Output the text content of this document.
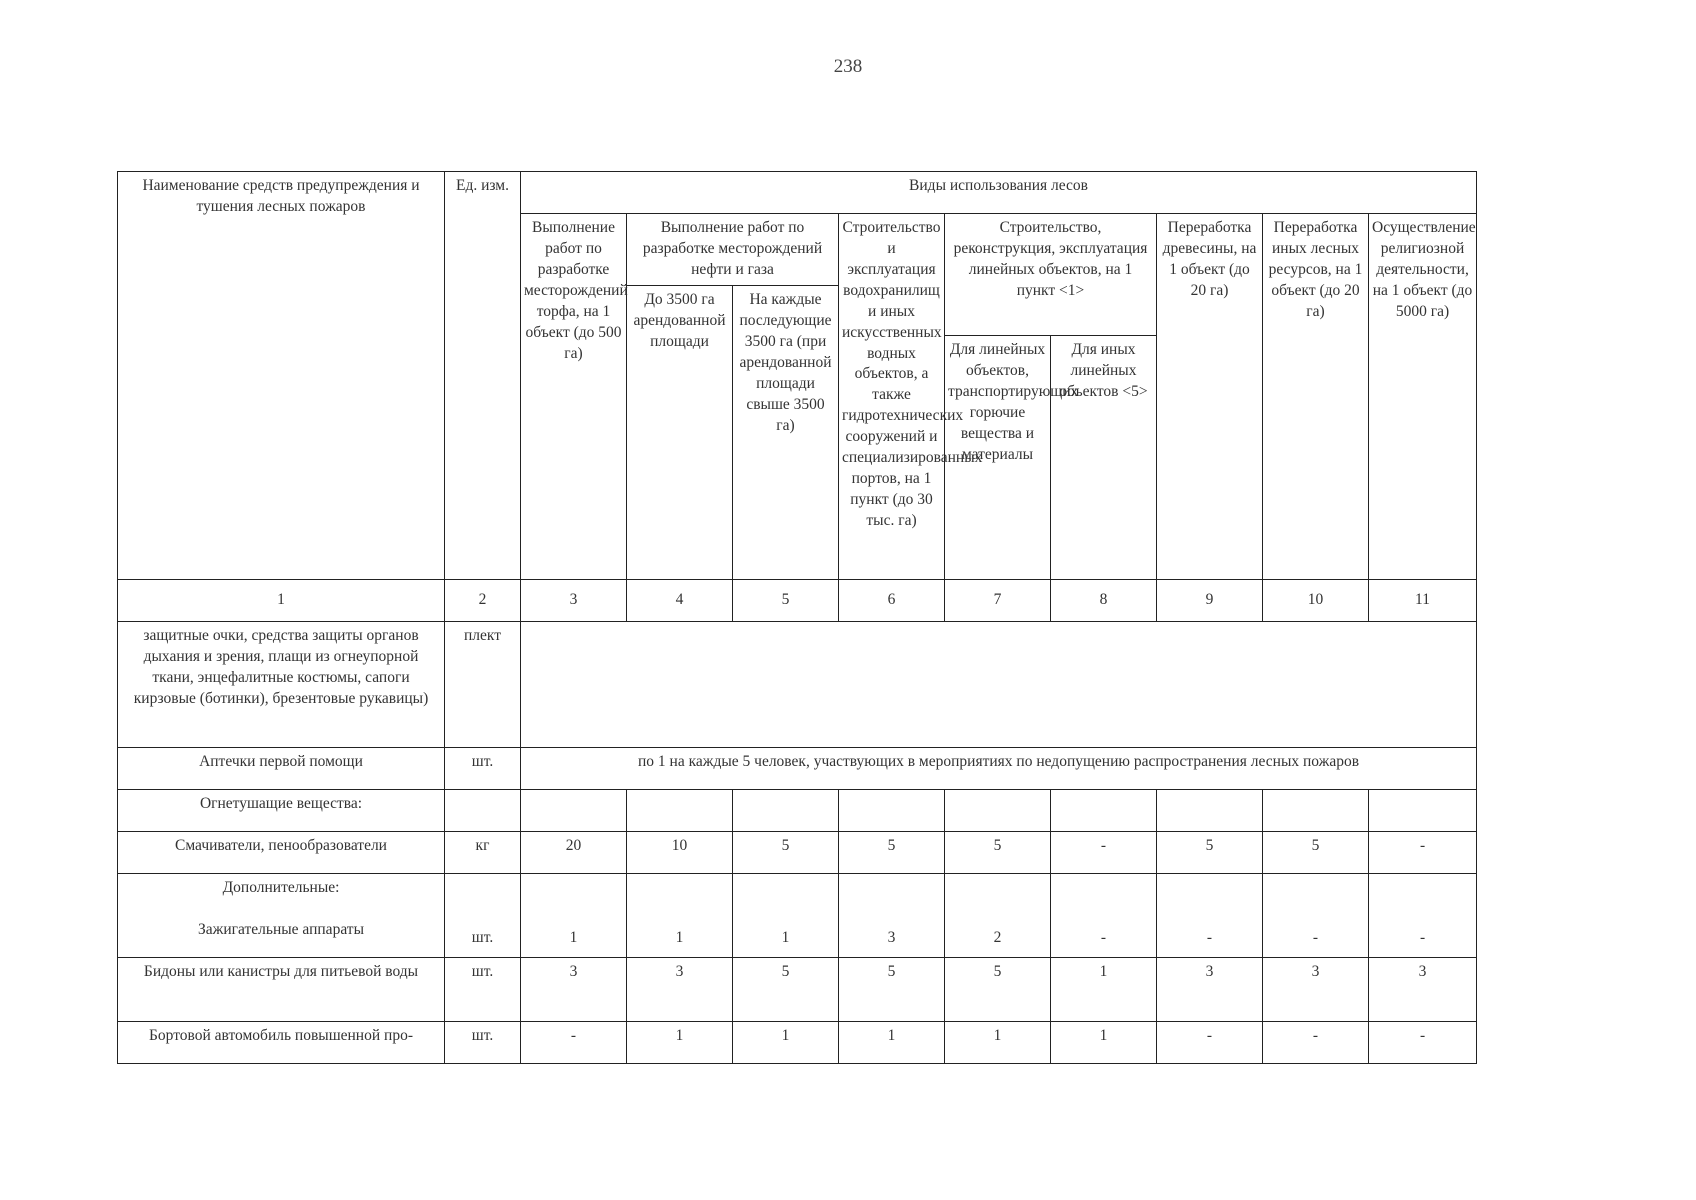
238
Наименование средств предупреждения и тушения лесных пожаров	Ед. изм.	Виды использования лесов								
		Выполнение работ по разработке месторождений торфа, на 1 объект (до 500 га)	Выполнение работ по разработке месторождений нефти и газа		Строительство и эксплуатация водохранилищ и иных искусственных водных объектов, а также гидротехнических сооружений и специализированных портов, на 1 пункт (до 30 тыс. га)	Строительство, реконструкция, эксплуатация линейных объектов, на 1 пункт <1>		Переработка древесины, на 1 объект (до 20 га)	Переработка иных лесных ресурсов, на 1 объект (до 20 га)	Осуществление религиозной деятельности, на 1 объект (до 5000 га)
			До 3500 га арендованной площади	На каждые последующие 3500 га (при арендованной площади свыше 3500 га)						
						Для линейных объектов, транспортирующих горючие вещества и материалы	Для иных линейных объектов <5>			
1	2	3	4	5	6	7	8	9	10	11
защитные очки, средства защиты органов дыхания и зрения, плащи из огнеупорной ткани, энцефалитные костюмы, сапоги кирзовые (ботинки), брезентовые рукавицы)	плект									
Аптечки первой помощи	шт.	по 1 на каждые 5 человек, участвующих в мероприятиях по недопущению распространения лесных пожаров								
Огнетушащие вещества:										
Смачиватели, пенообразователи	кг	20	10	5	5	5	-	5	5	-

Дополнительные:
Зажигательные аппараты	шт.	1	1	1	3	2	-	-	-	-
Бидоны или канистры для питьевой воды	шт.	3	3	5	5	5	1	3	3	3
Бортовой автомобиль повышенной про-	шт.	-	1	1	1	1	1	-	-	-
